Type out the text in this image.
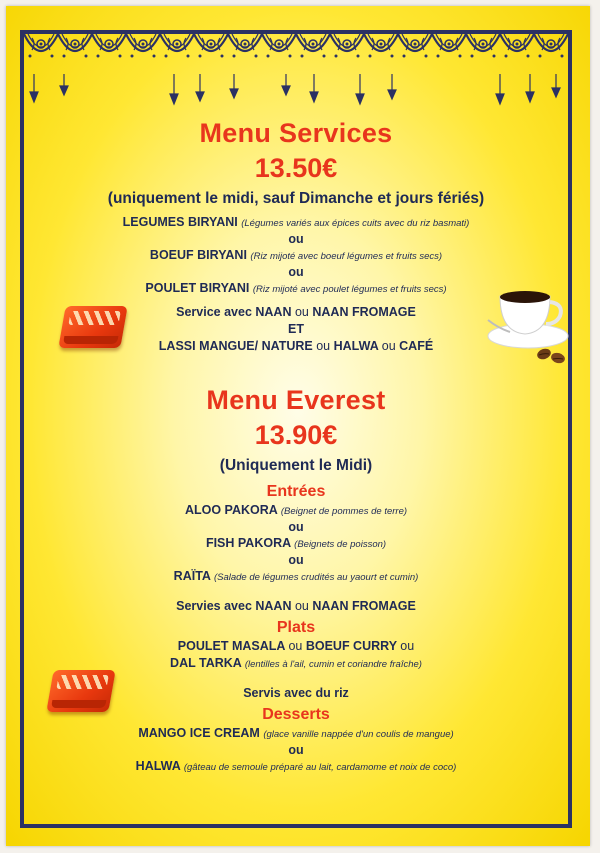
Menu Services
13.50€
(uniquement le midi, sauf Dimanche et jours fériés)
LEGUMES BIRYANI (Légumes variés aux épices cuits avec du riz basmati)
ou
BOEUF BIRYANI (Riz mijoté avec boeuf légumes et fruits secs)
ou
POULET BIRYANI (Riz mijoté avec poulet légumes et fruits secs)
Service avec NAAN ou NAAN FROMAGE
ET
LASSI MANGUE/ NATURE ou HALWA ou CAFÉ
Menu Everest
13.90€
(Uniquement le Midi)
Entrées
ALOO PAKORA (Beignet de pommes de terre)
ou
FISH PAKORA (Beignets de poisson)
ou
RAÏTA (Salade de légumes crudités au yaourt et cumin)
Servies avec NAAN ou NAAN FROMAGE
Plats
POULET MASALA ou BOEUF CURRY ou
DAL TARKA (lentilles à l'ail, cumin et coriandre fraîche)
Servis avec du riz
Desserts
MANGO ICE CREAM (glace vanille nappée d'un coulis de mangue)
ou
HALWA (gâteau de semoule préparé au lait, cardamome et noix de coco)
